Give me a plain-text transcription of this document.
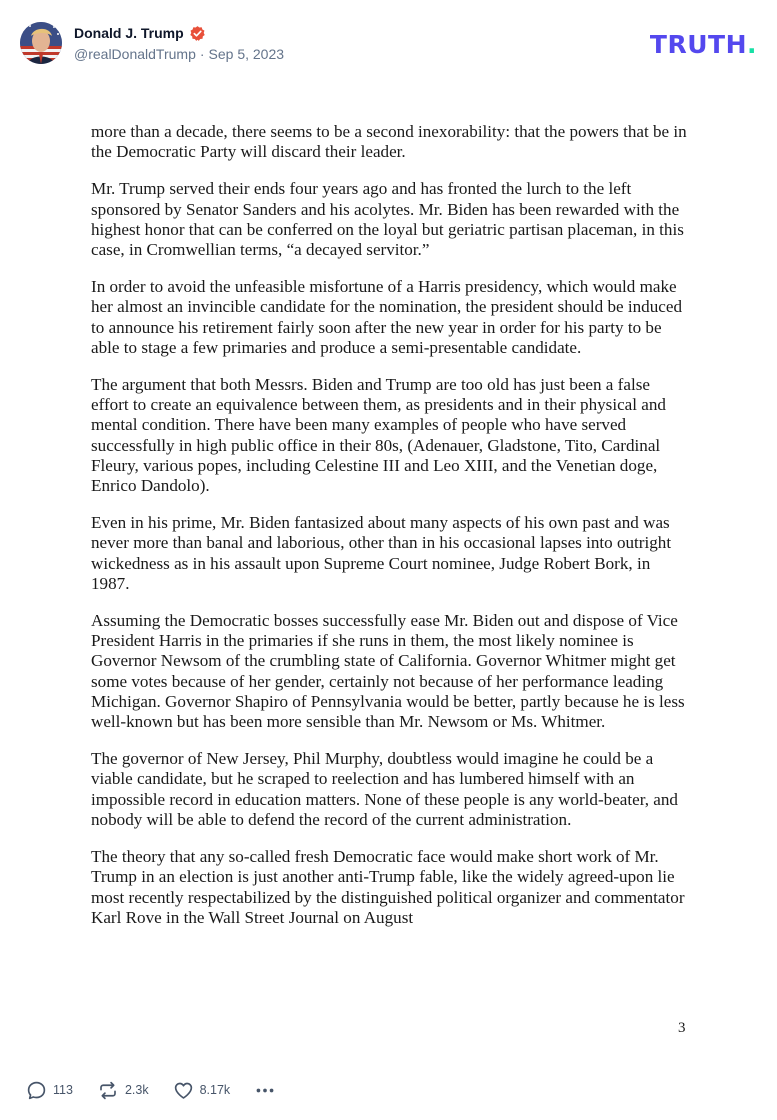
Donald J. Trump
@realDonaldTrump · Sep 5, 2023	TRUTH.

more than a decade, there seems to be a second inexorability: that the powers that be in the Democratic Party will discard their leader.

Mr. Trump served their ends four years ago and has fronted the lurch to the left sponsored by Senator Sanders and his acolytes. Mr. Biden has been rewarded with the highest honor that can be conferred on the loyal but geriatric partisan placeman, in this case, in Cromwellian terms, “a decayed servitor.”

In order to avoid the unfeasible misfortune of a Harris presidency, which would make her almost an invincible candidate for the nomination, the president should be induced to announce his retirement fairly soon after the new year in order for his party to be able to stage a few primaries and produce a semi-presentable candidate.

The argument that both Messrs. Biden and Trump are too old has just been a false effort to create an equivalence between them, as presidents and in their physical and mental condition. There have been many examples of people who have served successfully in high public office in their 80s, (Adenauer, Gladstone, Tito, Cardinal Fleury, various popes, including Celestine III and Leo XIII, and the Venetian doge, Enrico Dandolo).

Even in his prime, Mr. Biden fantasized about many aspects of his own past and was never more than banal and laborious, other than in his occasional lapses into outright wickedness as in his assault upon Supreme Court nominee, Judge Robert Bork, in 1987.

Assuming the Democratic bosses successfully ease Mr. Biden out and dispose of Vice President Harris in the primaries if she runs in them, the most likely nominee is Governor Newsom of the crumbling state of California. Governor Whitmer might get some votes because of her gender, certainly not because of her performance leading Michigan. Governor Shapiro of Pennsylvania would be better, partly because he is less well-known but has been more sensible than Mr. Newsom or Ms. Whitmer.

The governor of New Jersey, Phil Murphy, doubtless would imagine he could be a viable candidate, but he scraped to reelection and has lumbered himself with an impossible record in education matters. None of these people is any world-beater, and nobody will be able to defend the record of the current administration.

The theory that any so-called fresh Democratic face would make short work of Mr. Trump in an election is just another anti-Trump fable, like the widely agreed-upon lie most recently respectabilized by the distinguished political organizer and commentator Karl Rove in the Wall Street Journal on August

3
113	2.3k	8.17k
